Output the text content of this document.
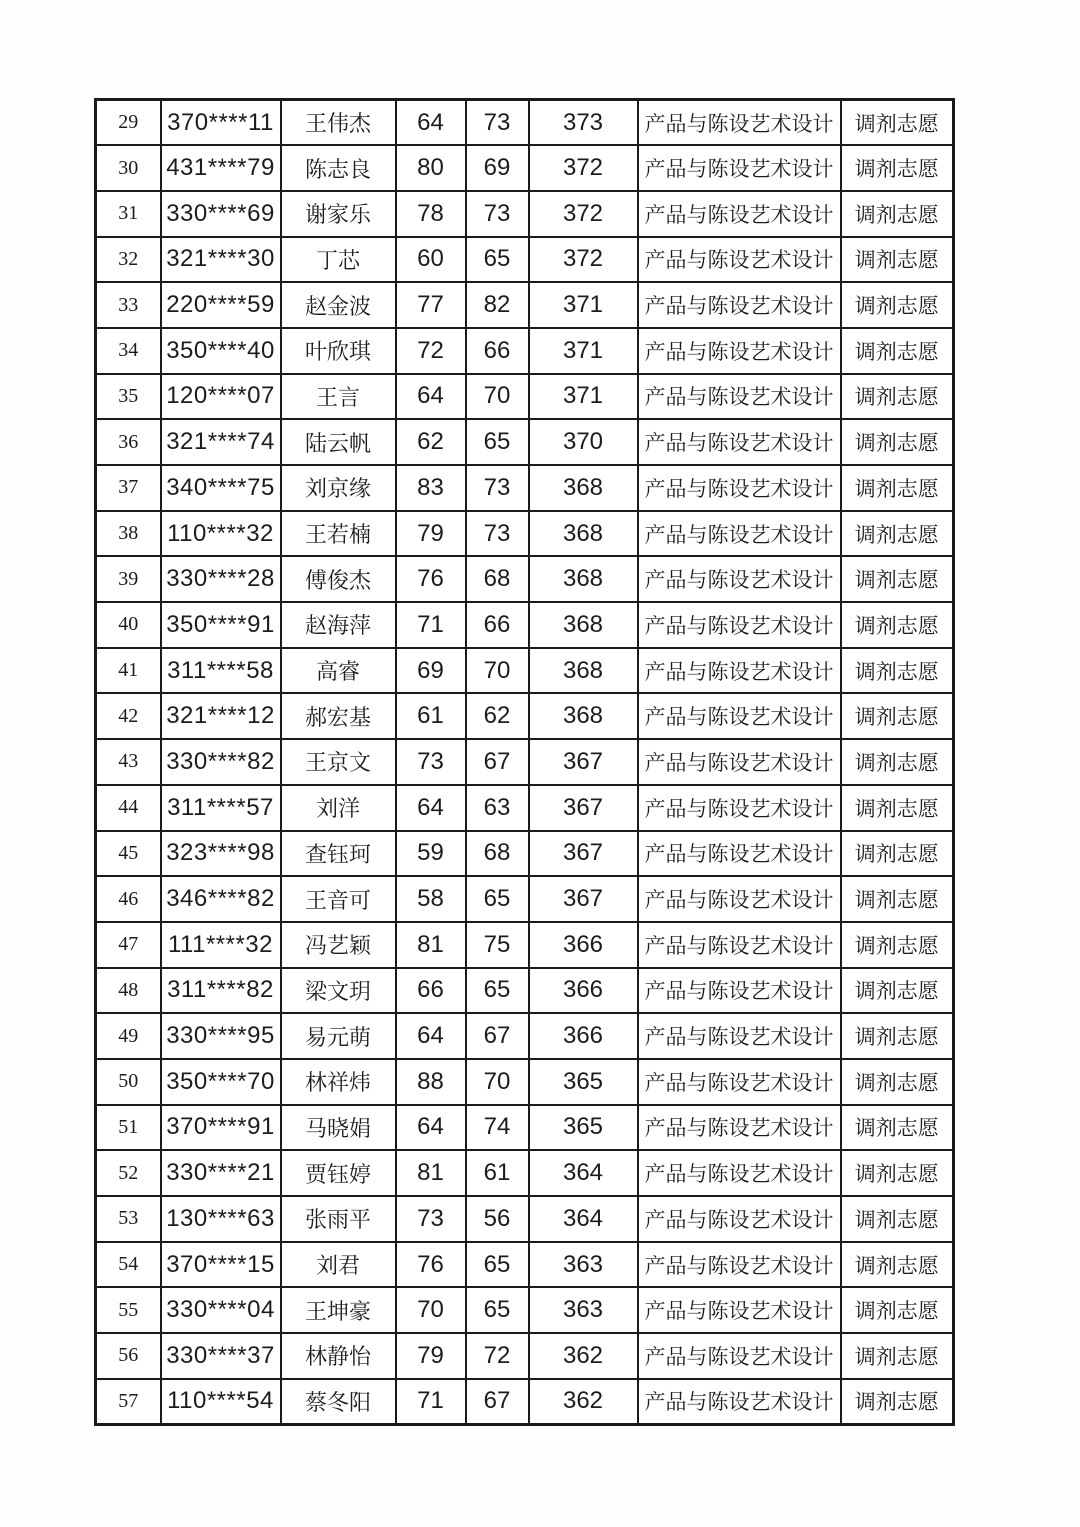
29	370****11	王伟杰	64	73	373	产品与陈设艺术设计	调剂志愿
30	431****79	陈志良	80	69	372	产品与陈设艺术设计	调剂志愿
31	330****69	谢家乐	78	73	372	产品与陈设艺术设计	调剂志愿
32	321****30	丁芯	60	65	372	产品与陈设艺术设计	调剂志愿
33	220****59	赵金波	77	82	371	产品与陈设艺术设计	调剂志愿
34	350****40	叶欣琪	72	66	371	产品与陈设艺术设计	调剂志愿
35	120****07	王言	64	70	371	产品与陈设艺术设计	调剂志愿
36	321****74	陆云帆	62	65	370	产品与陈设艺术设计	调剂志愿
37	340****75	刘京缘	83	73	368	产品与陈设艺术设计	调剂志愿
38	110****32	王若楠	79	73	368	产品与陈设艺术设计	调剂志愿
39	330****28	傅俊杰	76	68	368	产品与陈设艺术设计	调剂志愿
40	350****91	赵海萍	71	66	368	产品与陈设艺术设计	调剂志愿
41	311****58	高睿	69	70	368	产品与陈设艺术设计	调剂志愿
42	321****12	郝宏基	61	62	368	产品与陈设艺术设计	调剂志愿
43	330****82	王京文	73	67	367	产品与陈设艺术设计	调剂志愿
44	311****57	刘洋	64	63	367	产品与陈设艺术设计	调剂志愿
45	323****98	查钰珂	59	68	367	产品与陈设艺术设计	调剂志愿
46	346****82	王音可	58	65	367	产品与陈设艺术设计	调剂志愿
47	111****32	冯艺颖	81	75	366	产品与陈设艺术设计	调剂志愿
48	311****82	梁文玥	66	65	366	产品与陈设艺术设计	调剂志愿
49	330****95	易元萌	64	67	366	产品与陈设艺术设计	调剂志愿
50	350****70	林祥炜	88	70	365	产品与陈设艺术设计	调剂志愿
51	370****91	马晓娟	64	74	365	产品与陈设艺术设计	调剂志愿
52	330****21	贾钰婷	81	61	364	产品与陈设艺术设计	调剂志愿
53	130****63	张雨平	73	56	364	产品与陈设艺术设计	调剂志愿
54	370****15	刘君	76	65	363	产品与陈设艺术设计	调剂志愿
55	330****04	王坤豪	70	65	363	产品与陈设艺术设计	调剂志愿
56	330****37	林静怡	79	72	362	产品与陈设艺术设计	调剂志愿
57	110****54	蔡冬阳	71	67	362	产品与陈设艺术设计	调剂志愿
